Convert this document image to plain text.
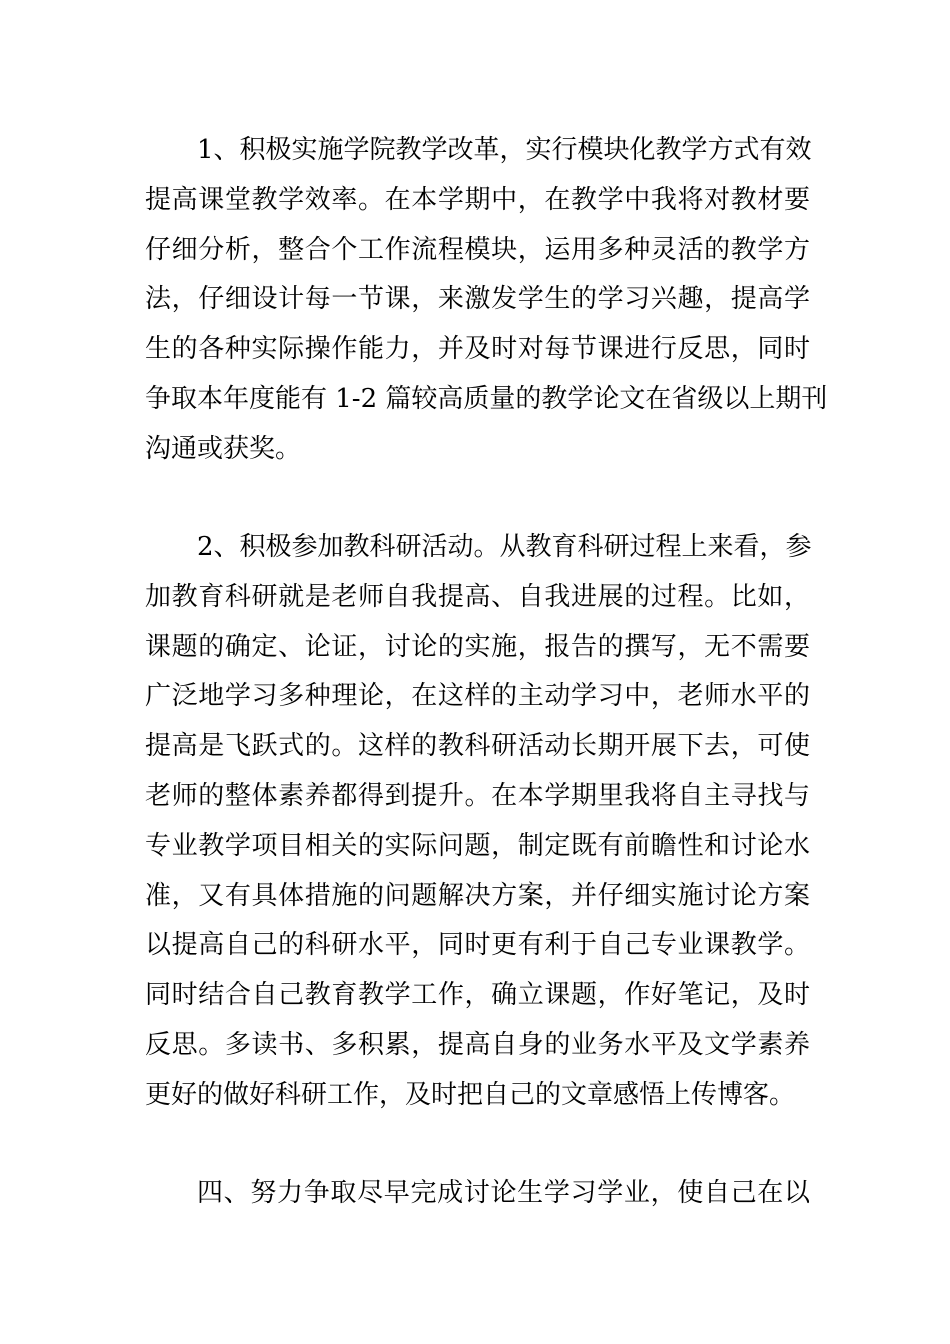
1、积极实施学院教学改革，实行模块化教学方式有效
提高课堂教学效率。在本学期中，在教学中我将对教材要
仔细分析，整合个工作流程模块，运用多种灵活的教学方
法，仔细设计每一节课，来激发学生的学习兴趣，提高学
生的各种实际操作能力，并及时对每节课进行反思，同时
争取本年度能有 1-2 篇较高质量的教学论文在省级以上期刊
沟通或获奖。

2、积极参加教科研活动。从教育科研过程上来看，参
加教育科研就是老师自我提高、自我进展的过程。比如，
课题的确定、论证，讨论的实施，报告的撰写，无不需要
广泛地学习多种理论，在这样的主动学习中，老师水平的
提高是飞跃式的。这样的教科研活动长期开展下去，可使
老师的整体素养都得到提升。在本学期里我将自主寻找与
专业教学项目相关的实际问题，制定既有前瞻性和讨论水
准，又有具体措施的问题解决方案，并仔细实施讨论方案
以提高自己的科研水平，同时更有利于自己专业课教学。
同时结合自己教育教学工作，确立课题，作好笔记，及时
反思。多读书、多积累，提高自身的业务水平及文学素养
更好的做好科研工作，及时把自己的文章感悟上传博客。

四、努力争取尽早完成讨论生学习学业，使自己在以
